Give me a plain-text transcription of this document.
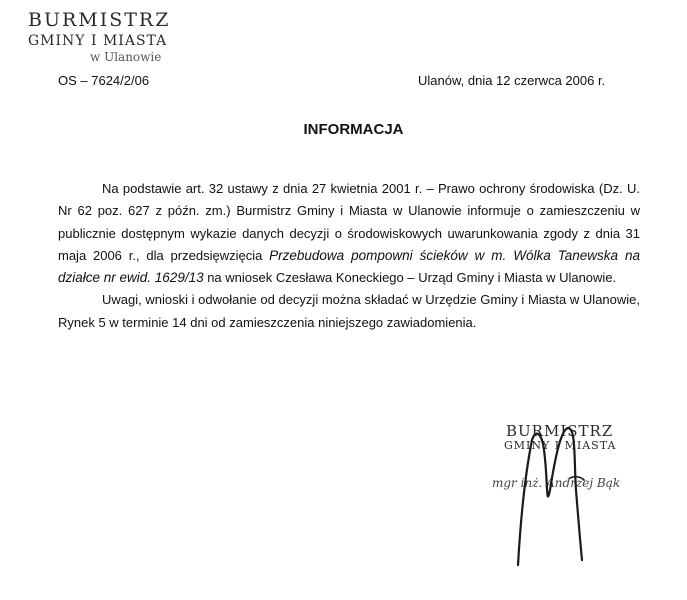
BURMISTRZ
GMINY I MIASTA
w Ulanowie
OS – 7624/2/06	Ulanów, dnia 12 czerwca 2006 r.
INFORMACJA

Na podstawie art. 32 ustawy z dnia 27 kwietnia 2001 r. – Prawo ochrony środowiska (Dz. U. Nr 62 poz. 627 z późn. zm.) Burmistrz Gminy i Miasta w Ulanowie informuje o zamieszczeniu w publicznie dostępnym wykazie danych decyzji o środowiskowych uwarunkowania zgody z dnia 31 maja 2006 r., dla przedsięwzięcia Przebudowa pompowni ścieków w m. Wólka Tanewska na działce nr ewid. 1629/13 na wniosek Czesława Koneckiego – Urząd Gminy i Miasta w Ulanowie.

Uwagi, wnioski i odwołanie od decyzji można składać w Urzędzie Gminy i Miasta w Ulanowie, Rynek 5 w terminie 14 dni od zamieszczenia niniejszego zawiadomienia.

BURMISTRZ
GMINY I MIASTA
mgr inż. Andrzej Bąk
